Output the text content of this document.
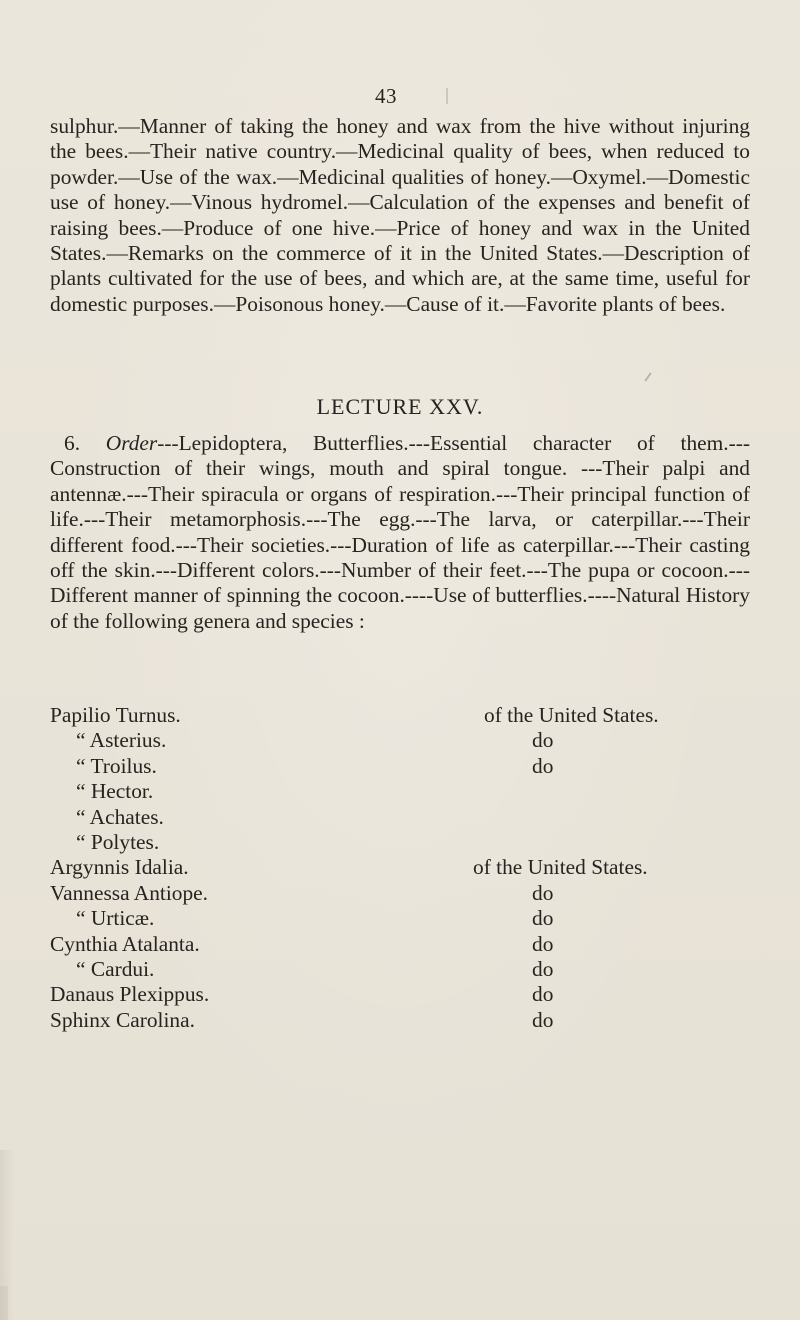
43
sulphur.—Manner of taking the honey and wax from the hive without injuring the bees.—Their native country.—Medicinal quality of bees, when reduced to powder.—Use of the wax.—Medicinal qualities of honey.—Oxymel.—Domestic use of honey.—Vinous hydromel.—Calculation of the expenses and benefit of raising bees.—Produce of one hive.—Price of honey and wax in the United States.—Remarks on the commerce of it in the United States.—Description of plants cultivated for the use of bees, and which are, at the same time, useful for domestic purposes.—Poisonous honey.—Cause of it.—Favorite plants of bees.
LECTURE XXV.
6. Order---Lepidoptera, Butterflies.---Essential character of them.---Construction of their wings, mouth and spiral tongue. ---Their palpi and antennæ.---Their spiracula or organs of respiration.---Their principal function of life.---Their metamorphosis.---The egg.---The larva, or caterpillar.---Their different food.---Their societies.---Duration of life as caterpillar.---Their casting off the skin.---Different colors.---Number of their feet.---The pupa or cocoon.---Different manner of spinning the cocoon.----Use of butterflies.----Natural History of the following genera and species :
Papilio Turnus.	of the United States.
“ Asterius.	do
“ Troilus.	do
“ Hector.
“ Achates.
“ Polytes.
Argynnis Idalia.	of the United States.
Vannessa Antiope.	do
“ Urticæ.	do
Cynthia Atalanta.	do
“ Cardui.	do
Danaus Plexippus.	do
Sphinx Carolina.	do
